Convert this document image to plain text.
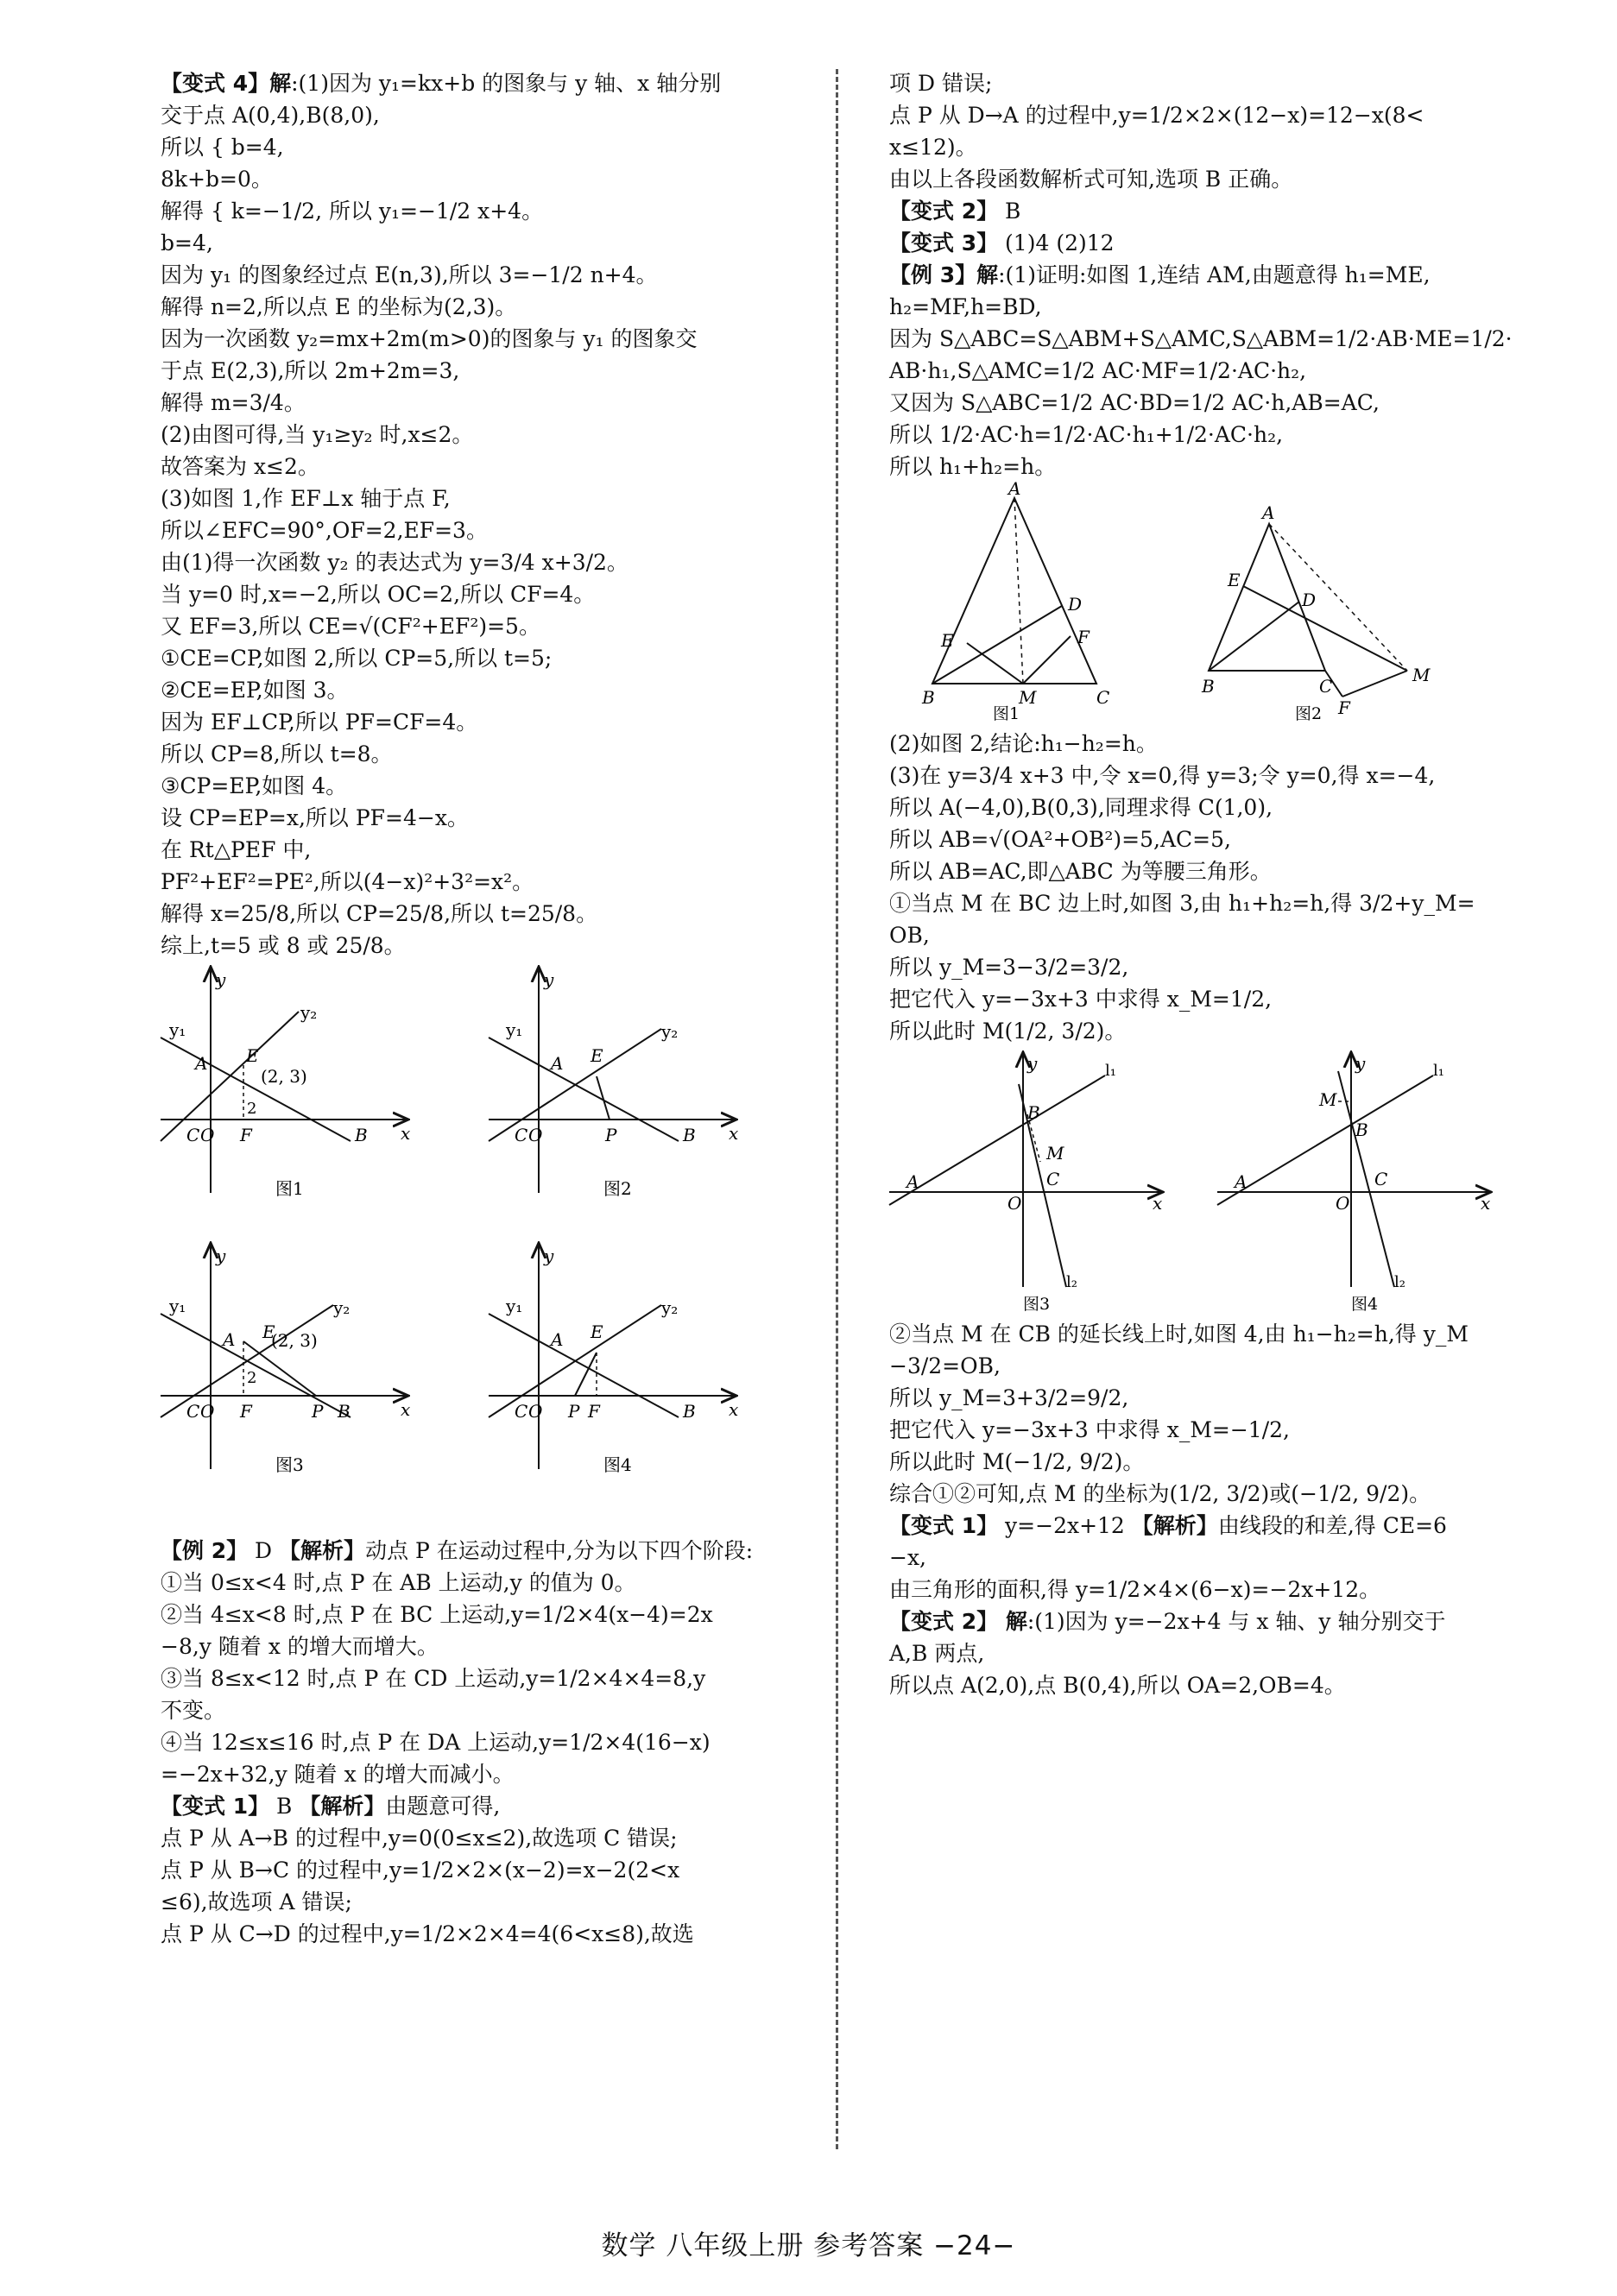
【变式 4】解:(1)因为 y₁=kx+b 的图象与 y 轴、x 轴分别
交于点 A(0,4),B(8,0),
所以 { b=4,
8k+b=0。
解得 { k=−1/2, 所以 y₁=−1/2 x+4。
b=4,
因为 y₁ 的图象经过点 E(n,3),所以 3=−1/2 n+4。
解得 n=2,所以点 E 的坐标为(2,3)。
因为一次函数 y₂=mx+2m(m>0)的图象与 y₁ 的图象交
于点 E(2,3),所以 2m+2m=3,
解得 m=3/4。
(2)由图可得,当 y₁≥y₂ 时,x≤2。
故答案为 x≤2。
(3)如图 1,作 EF⊥x 轴于点 F,
所以∠EFC=90°,OF=2,EF=3。
由(1)得一次函数 y₂ 的表达式为 y=3/4 x+3/2。
当 y=0 时,x=−2,所以 OC=2,所以 CF=4。
又 EF=3,所以 CE=√(CF²+EF²)=5。
①CE=CP,如图 2,所以 CP=5,所以 t=5;
②CE=EP,如图 3。
因为 EF⊥CP,所以 PF=CF=4。
所以 CP=8,所以 t=8。
③CP=EP,如图 4。
设 CP=EP=x,所以 PF=4−x。
在 Rt△PEF 中,
PF²+EF²=PE²,所以(4−x)²+3²=x²。
解得 x=25/8,所以 CP=25/8,所以 t=25/8。
综上,t=5 或 8 或 25/8。
y₁
y₂
y
x
A E
(2, 3)
2
C O F	B
图1
y₁	y₂
y
x
A E
C O	P	B
图2
y₁	y₂
y
x
A E
(2, 3)
2
C O F	P B
图3
y₁	y₂
y
x
A E
C O P F	B
图4
【例 2】 D 【解析】动点 P 在运动过程中,分为以下四个阶段:
①当 0≤x<4 时,点 P 在 AB 上运动,y 的值为 0。
②当 4≤x<8 时,点 P 在 BC 上运动,y=1/2×4(x−4)=2x
−8,y 随着 x 的增大而增大。
③当 8≤x<12 时,点 P 在 CD 上运动,y=1/2×4×4=8,y
不变。
④当 12≤x≤16 时,点 P 在 DA 上运动,y=1/2×4(16−x)
=−2x+32,y 随着 x 的增大而减小。
【变式 1】 B 【解析】由题意可得,
点 P 从 A→B 的过程中,y=0(0≤x≤2),故选项 C 错误;
点 P 从 B→C 的过程中,y=1/2×2×(x−2)=x−2(2<x
≤6),故选项 A 错误;
点 P 从 C→D 的过程中,y=1/2×2×4=4(6<x≤8),故选
项 D 错误;
点 P 从 D→A 的过程中,y=1/2×2×(12−x)=12−x(8<
x≤12)。
由以上各段函数解析式可知,选项 B 正确。
【变式 2】 B
【变式 3】 (1)4 (2)12
【例 3】解:(1)证明:如图 1,连结 AM,由题意得 h₁=ME,
h₂=MF,h=BD,
因为 S△ABC=S△ABM+S△AMC,S△ABM=1/2·AB·ME=1/2·
AB·h₁,S△AMC=1/2 AC·MF=1/2·AC·h₂,
又因为 S△ABC=1/2 AC·BD=1/2 AC·h,AB=AC,
所以 1/2·AC·h=1/2·AC·h₁+1/2·AC·h₂,
所以 h₁+h₂=h。
A
B	C
D
E	F
M
图1
A
B	C
D
E
F
M
图2
(2)如图 2,结论:h₁−h₂=h。
(3)在 y=3/4 x+3 中,令 x=0,得 y=3;令 y=0,得 x=−4,
所以 A(−4,0),B(0,3),同理求得 C(1,0),
所以 AB=√(OA²+OB²)=5,AC=5,
所以 AB=AC,即△ABC 为等腰三角形。
①当点 M 在 BC 边上时,如图 3,由 h₁+h₂=h,得 3/2+y_M=
OB,
所以 y_M=3−3/2=3/2,
把它代入 y=−3x+3 中求得 x_M=1/2,
所以此时 M(1/2, 3/2)。
y
x
l₁
l₂
A
B
M
C
O
图3
y
x
l₁
l₂
A
B
M
C
O
图4
②当点 M 在 CB 的延长线上时,如图 4,由 h₁−h₂=h,得 y_M
−3/2=OB,
所以 y_M=3+3/2=9/2,
把它代入 y=−3x+3 中求得 x_M=−1/2,
所以此时 M(−1/2, 9/2)。
综合①②可知,点 M 的坐标为(1/2, 3/2)或(−1/2, 9/2)。
【变式 1】 y=−2x+12 【解析】由线段的和差,得 CE=6
−x,
由三角形的面积,得 y=1/2×4×(6−x)=−2x+12。
【变式 2】 解:(1)因为 y=−2x+4 与 x 轴、y 轴分别交于
A,B 两点,
所以点 A(2,0),点 B(0,4),所以 OA=2,OB=4。
数学 八年级上册 参考答案 −24−
